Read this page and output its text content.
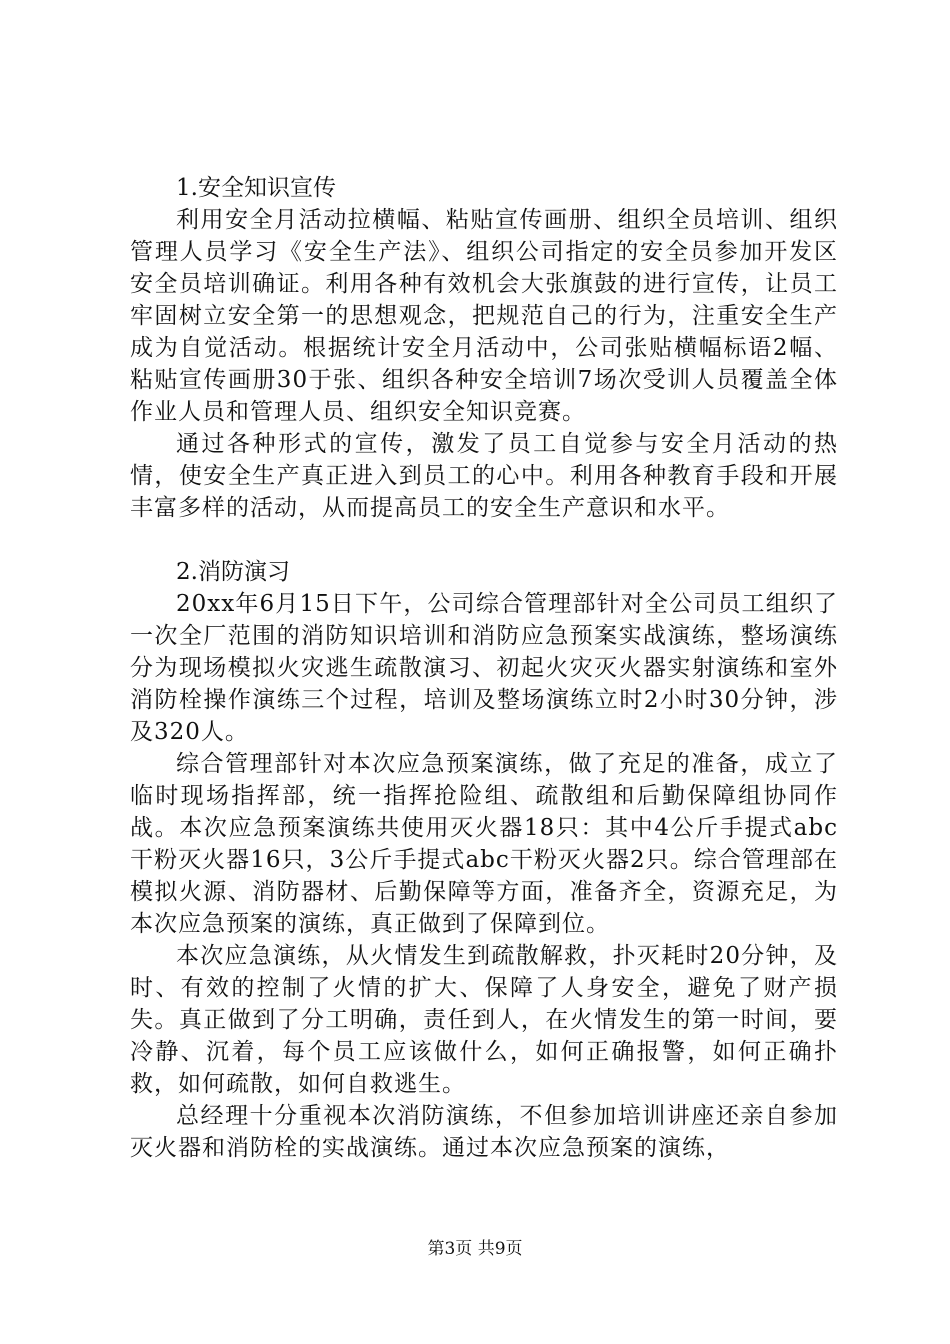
1.安全知识宣传

利用安全月活动拉横幅、粘贴宣传画册、组织全员培训、组织管理人员学习《安全生产法》、组织公司指定的安全员参加开发区安全员培训确证。利用各种有效机会大张旗鼓的进行宣传，让员工牢固树立安全第一的思想观念，把规范自己的行为，注重安全生产成为自觉活动。根据统计安全月活动中，公司张贴横幅标语2幅、粘贴宣传画册30于张、组织各种安全培训7场次受训人员覆盖全体作业人员和管理人员、组织安全知识竞赛。

通过各种形式的宣传，激发了员工自觉参与安全月活动的热情，使安全生产真正进入到员工的心中。利用各种教育手段和开展丰富多样的活动，从而提高员工的安全生产意识和水平。

2.消防演习

20xx年6月15日下午，公司综合管理部针对全公司员工组织了一次全厂范围的消防知识培训和消防应急预案实战演练，整场演练分为现场模拟火灾逃生疏散演习、初起火灾灭火器实射演练和室外消防栓操作演练三个过程，培训及整场演练立时2小时30分钟，涉及320人。

综合管理部针对本次应急预案演练，做了充足的准备，成立了临时现场指挥部，统一指挥抢险组、疏散组和后勤保障组协同作战。本次应急预案演练共使用灭火器18只：其中4公斤手提式abc干粉灭火器16只，3公斤手提式abc干粉灭火器2只。综合管理部在模拟火源、消防器材、后勤保障等方面，准备齐全，资源充足，为本次应急预案的演练，真正做到了保障到位。

本次应急演练，从火情发生到疏散解救，扑灭耗时20分钟，及时、有效的控制了火情的扩大、保障了人身安全，避免了财产损失。真正做到了分工明确，责任到人，在火情发生的第一时间，要冷静、沉着，每个员工应该做什么，如何正确报警，如何正确扑救，如何疏散，如何自救逃生。

总经理十分重视本次消防演练，不但参加培训讲座还亲自参加灭火器和消防栓的实战演练。通过本次应急预案的演练，

第3页 共9页
